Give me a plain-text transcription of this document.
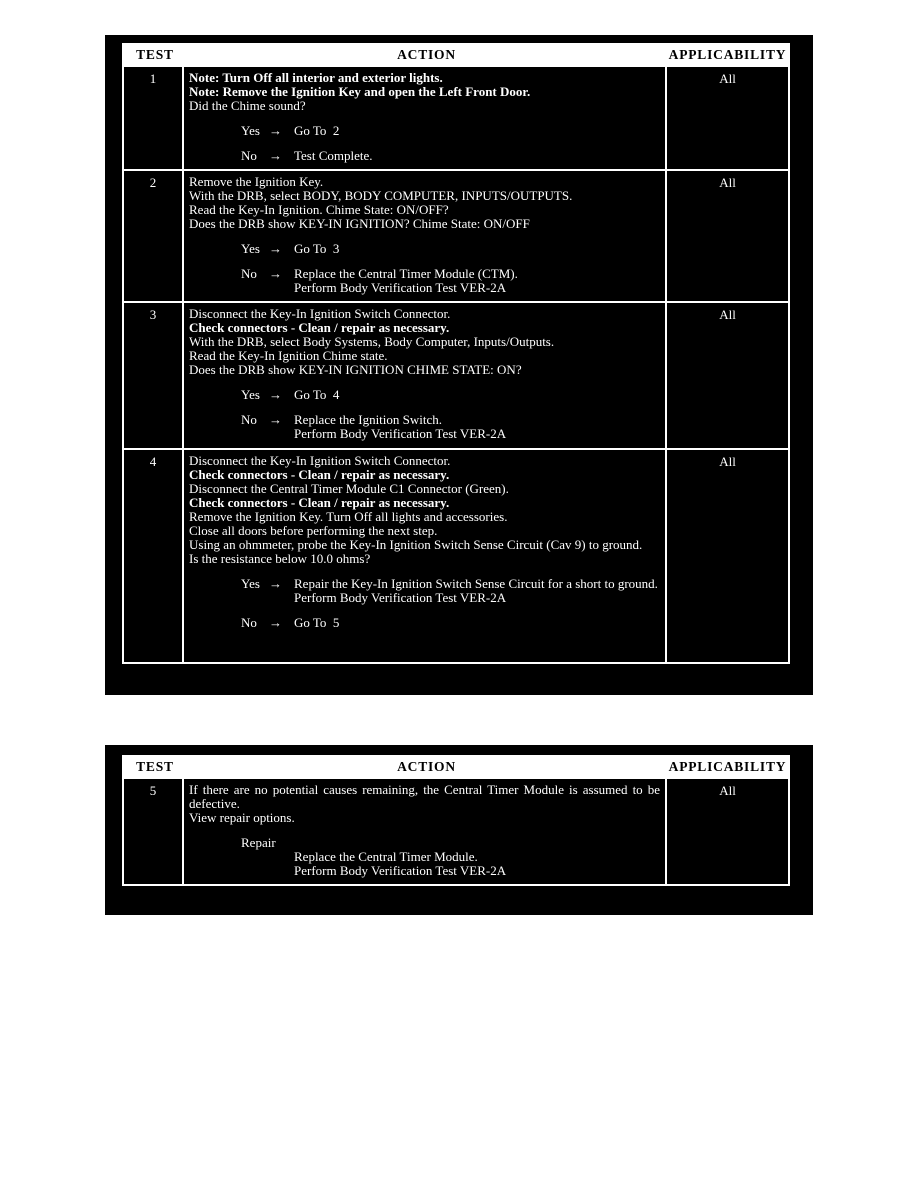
TEST	ACTION	APPLICABILITY
1	Note: Turn Off all interior and exterior lights.
Note: Remove the Ignition Key and open the Left Front Door.
Did the Chime sound?
Yes → Go To  2
No → Test Complete.
All
2	Remove the Ignition Key.
With the DRB, select BODY, BODY COMPUTER, INPUTS/OUTPUTS.
Read the Key-In Ignition. Chime State: ON/OFF?
Does the DRB show KEY-IN IGNITION? Chime State: ON/OFF
Yes → Go To  3
No → Replace the Central Timer Module (CTM).
Perform Body Verification Test VER-2A
All
3	Disconnect the Key-In Ignition Switch Connector.
Check connectors - Clean / repair as necessary.
With the DRB, select Body Systems, Body Computer, Inputs/Outputs.
Read the Key-In Ignition Chime state.
Does the DRB show KEY-IN IGNITION CHIME STATE: ON?
Yes → Go To  4
No → Replace the Ignition Switch.
Perform Body Verification Test VER-2A
All
4	Disconnect the Key-In Ignition Switch Connector.
Check connectors - Clean / repair as necessary.
Disconnect the Central Timer Module C1 Connector (Green).
Check connectors - Clean / repair as necessary.
Remove the Ignition Key. Turn Off all lights and accessories.
Close all doors before performing the next step.
Using an ohmmeter, probe the Key-In Ignition Switch Sense Circuit (Cav 9) to ground.
Is the resistance below 10.0 ohms?
Yes → Repair the Key-In Ignition Switch Sense Circuit for a short to ground.
Perform Body Verification Test VER-2A
No → Go To  5
All
TEST	ACTION	APPLICABILITY
5	If there are no potential causes remaining, the Central Timer Module is assumed to be defective.
View repair options.
Repair
Replace the Central Timer Module.
Perform Body Verification Test VER-2A
All
